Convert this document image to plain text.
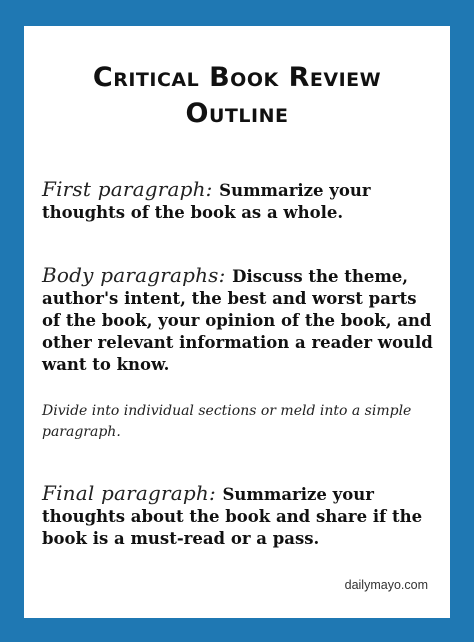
Critical Book Review
Outline
First paragraph: Summarize your thoughts of the book as a whole.
Body paragraphs: Discuss the theme, author's intent, the best and worst parts of the book, your opinion of the book, and other relevant information a reader would want to know.
Divide into individual sections or meld into a simple paragraph.
Final paragraph: Summarize your thoughts about the book and share if the book is a must-read or a pass.
dailymayo.com
